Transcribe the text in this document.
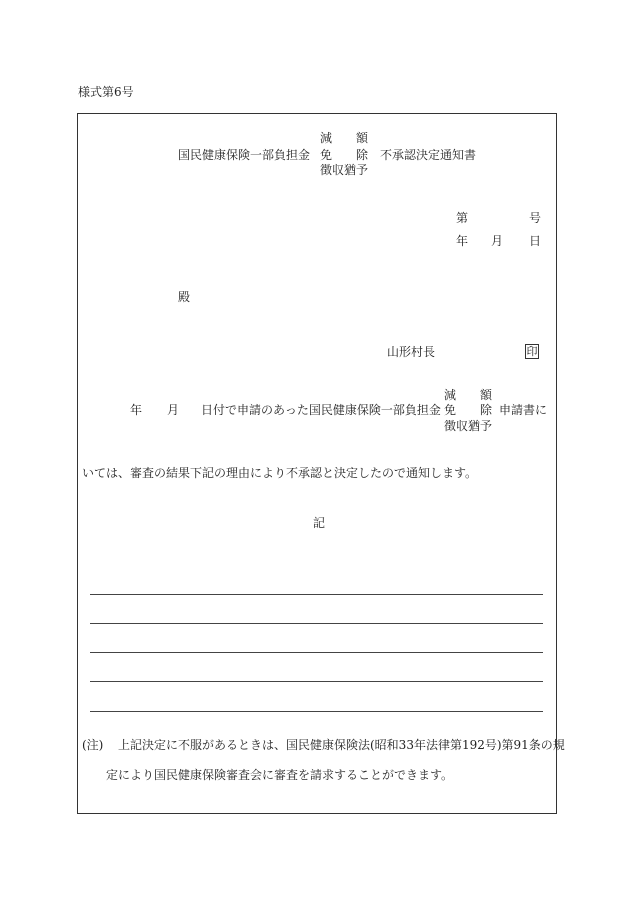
様式第6号
国民健康保険一部負担金
減 額
免 除
徴収猶予
不承認決定通知書
第	号
年 月 日
殿
山形村長	印
年 月 日付で申請のあった国民健康保険一部負担金
減 額
免 除
徴収猶予
申請書に
いては、審査の結果下記の理由により不承認と決定したので通知します。
記
(注) 上記決定に不服があるときは、国民健康保険法(昭和33年法律第192号)第91条の規
定により国民健康保険審査会に審査を請求することができます。
